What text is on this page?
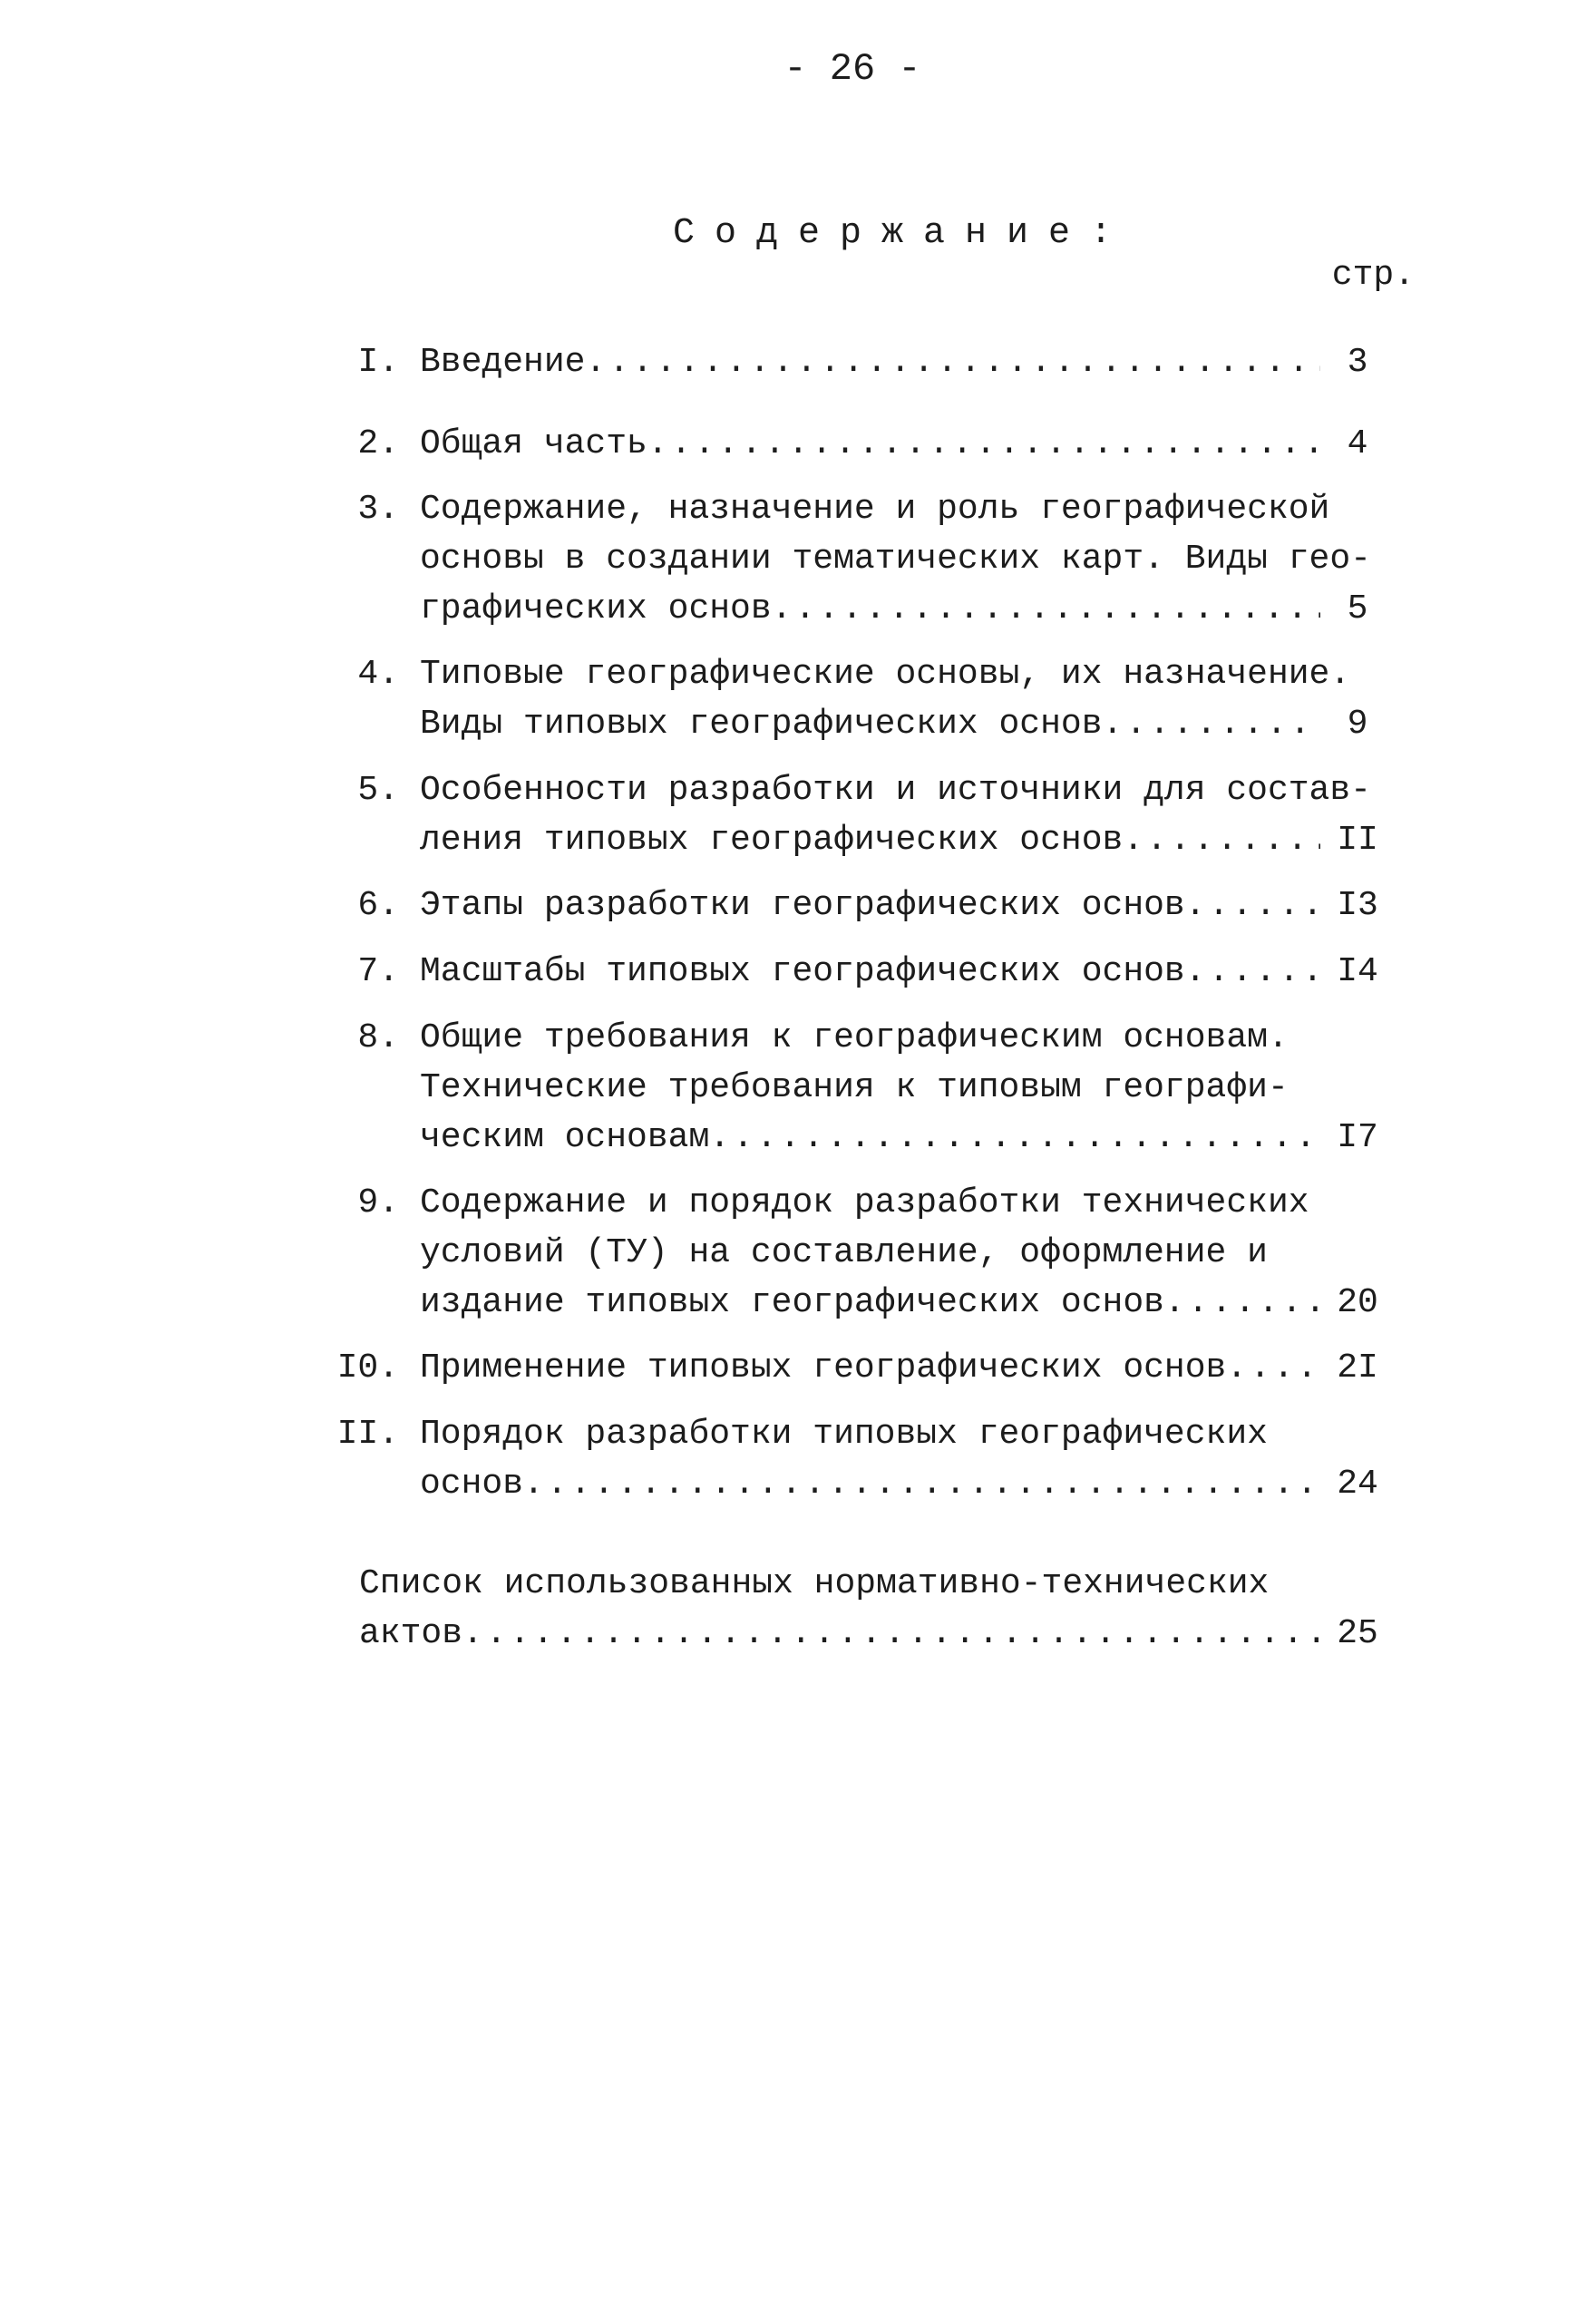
- 26 -
Содержание:
стр.
I. Введение .....	3
2. Общая часть .....	4
3. Содержание, назначение и роль географической
основы в создании тематических карт. Виды гео-
графических основ .....	5
4. Типовые географические основы, их назначение.
Виды типовых географических основ .....	9
5. Особенности разработки и источники для состав-
ления типовых географических основ .....	II
6. Этапы разработки географических основ .....	I3
7. Масштабы типовых географических основ .....	I4
8. Общие требования к географическим основам.
Технические требования к типовым географи-
ческим основам .....	I7
9. Содержание и порядок разработки технических
условий (ТУ) на составление, оформление и
издание типовых географических основ .....	20
I0. Применение типовых географических основ .....	2I
II. Порядок разработки типовых географических
основ .....	24
Список использованных нормативно-технических
актов .....	25
